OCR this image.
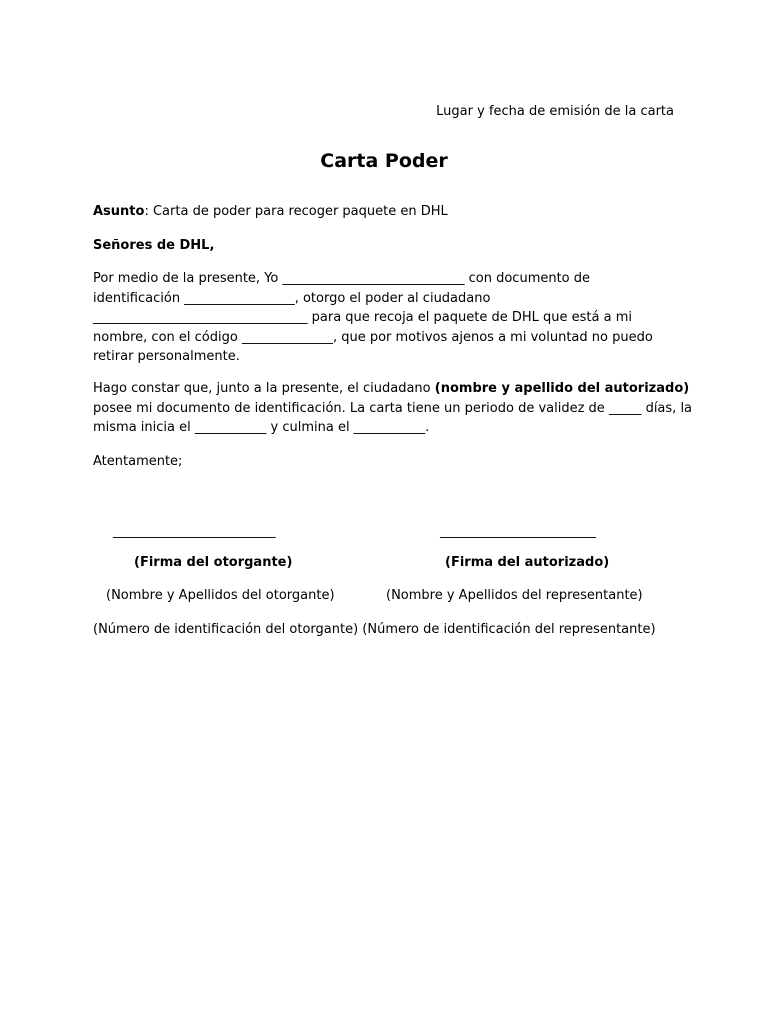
Lugar y fecha de emisión de la carta
Carta Poder
Asunto: Carta de poder para recoger paquete en DHL
Señores de DHL,
Por medio de la presente, Yo ____________________________ con documento de
identificación _________________, otorgo el poder al ciudadano
_________________________________ para que recoja el paquete de DHL que está a mi
nombre, con el código ______________, que por motivos ajenos a mi voluntad no puedo
retirar personalmente.
Hago constar que, junto a la presente, el ciudadano (nombre y apellido del autorizado)
posee mi documento de identificación. La carta tiene un periodo de validez de _____ días, la
misma inicia el ___________ y culmina el ___________.
Atentamente;
_________________________	________________________
(Firma del otorgante)	(Firma del autorizado)
(Nombre y Apellidos del otorgante)	(Nombre y Apellidos del representante)
(Número de identificación del otorgante) (Número de identificación del representante)
